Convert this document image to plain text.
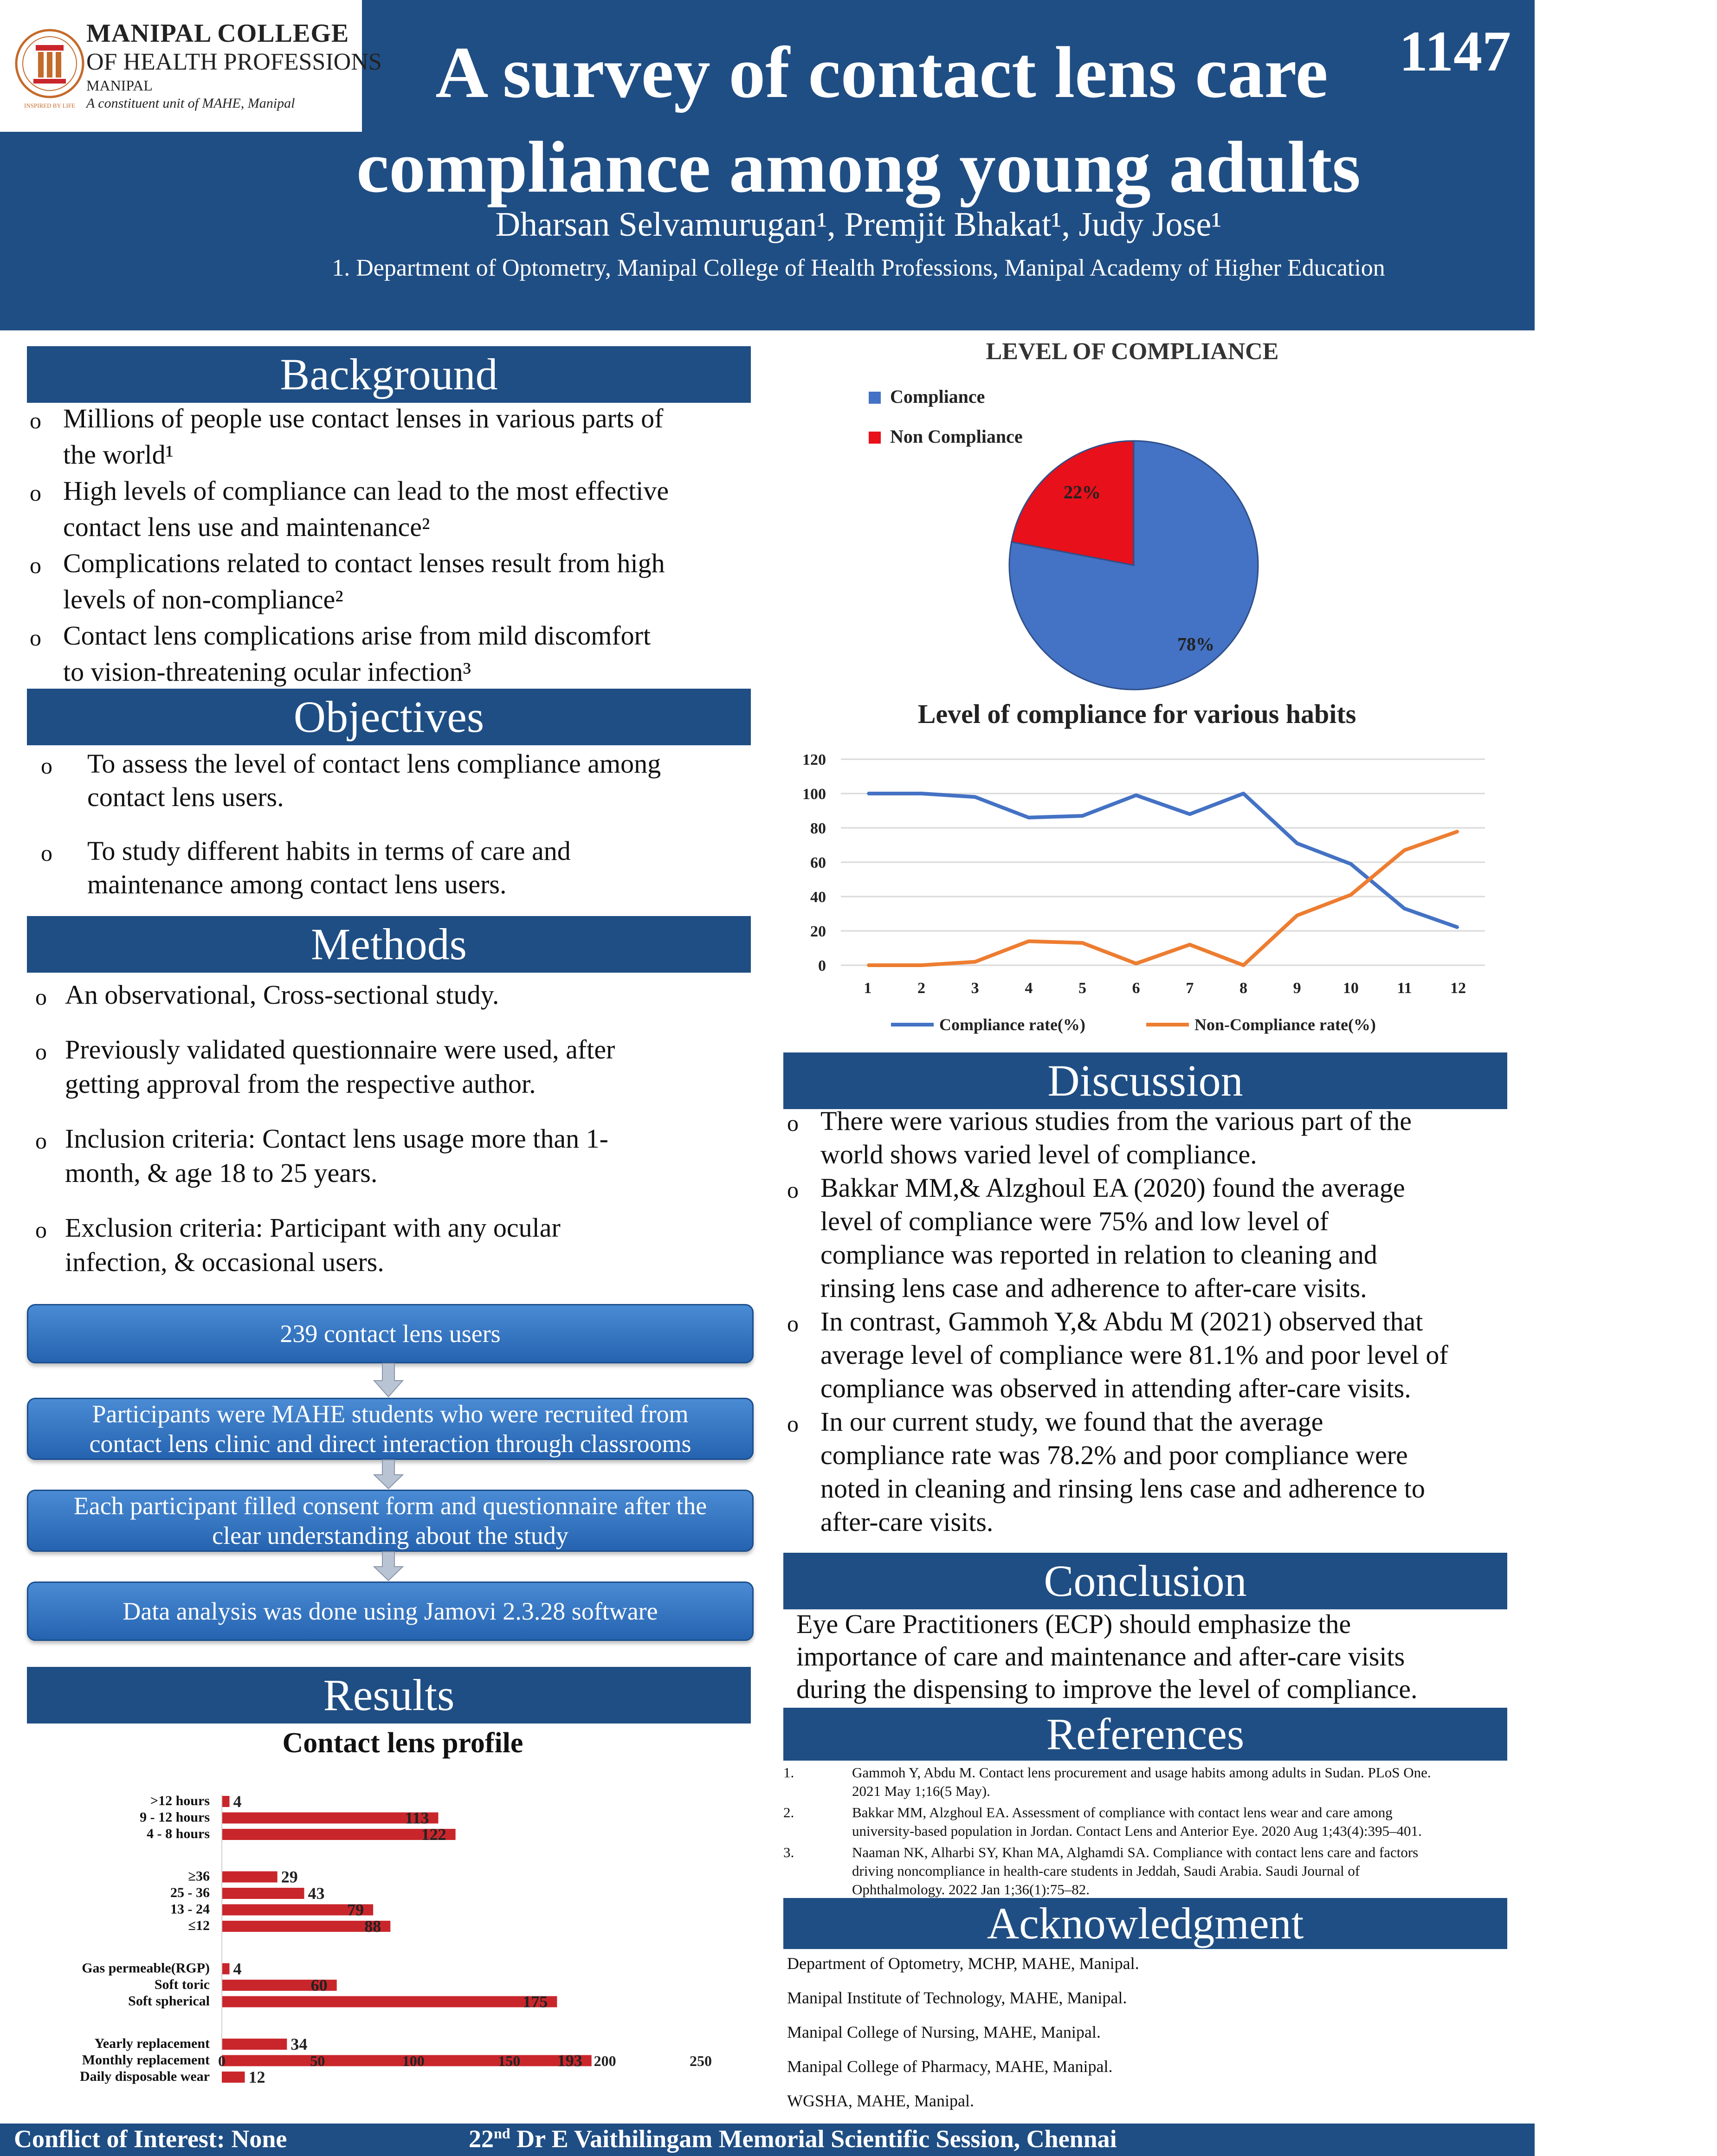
INSPIRED BY LIFE
MANIPAL COLLEGE
OF HEALTH PROFESSIONS
MANIPAL
A constituent unit of MAHE, Manipal
1147
A survey of contact lens care
compliance among young adults
Dharsan Selvamurugan¹, Premjit Bhakat¹, Judy Jose¹
1. Department of Optometry, Manipal College of Health Professions, Manipal Academy of Higher Education
Background
o Millions of people use contact lenses in various parts of
the world¹
o High levels of compliance can lead to the most effective
contact lens use and maintenance²
o Complications related to contact lenses result from high
levels of non-compliance²
o Contact lens complications arise from mild discomfort
to vision-threatening ocular infection³
Objectives
o To assess the level of contact lens compliance among
contact lens users.
o To study different habits in terms of care and
maintenance among contact lens users.
Methods
o An observational, Cross-sectional study.
o Previously validated questionnaire were used, after
getting approval from the respective author.
o Inclusion criteria: Contact lens usage more than 1-
month, & age 18 to 25 years.
o Exclusion criteria: Participant with any ocular
infection, & occasional users.
239 contact lens users
Participants were MAHE students who were recruited from
contact lens clinic and direct interaction through classrooms
Each participant filled consent form and questionnaire after the
clear understanding about the study
Data analysis was done using Jamovi 2.3.28 software
Results
Contact lens profile
>12 hours 4
9 - 12 hours	113
4 - 8 hours	122
≥36	29
25 - 36	43
13 - 24	79
≤12	88
Gas permeable(RGP) 4
Soft toric	60
Soft spherical	175
Yearly replacement	34
Monthly replacement	193
Daily disposable wear 12
0	50	100	150	200	250
LEVEL OF COMPLIANCE
Compliance
Non Compliance
78%
22%
Level of compliance for various habits
0
20
40
60
80
100
120
1	2	3	4	5	6	7	8	9	10 11 12
Compliance rate(%)	Non-Compliance rate(%)
Discussion
o There were various studies from the various part of the
world shows varied level of compliance.
o Bakkar MM,& Alzghoul EA (2020) found the average
level of compliance were 75% and low level of
compliance was reported in relation to cleaning and
rinsing lens case and adherence to after-care visits.
o In contrast, Gammoh Y,& Abdu M (2021) observed that
average level of compliance were 81.1% and poor level of
compliance was observed in attending after-care visits.
o In our current study, we found that the average
compliance rate was 78.2% and poor compliance were
noted in cleaning and rinsing lens case and adherence to
after-care visits.
Conclusion
Eye Care Practitioners (ECP) should emphasize the
importance of care and maintenance and after-care visits
during the dispensing to improve the level of compliance.
References
1.	Gammoh Y, Abdu M. Contact lens procurement and usage habits among adults in Sudan. PLoS One.
2021 May 1;16(5 May).
2.	Bakkar MM, Alzghoul EA. Assessment of compliance with contact lens wear and care among
university-based population in Jordan. Contact Lens and Anterior Eye. 2020 Aug 1;43(4):395–401.
3.	Naaman NK, Alharbi SY, Khan MA, Alghamdi SA. Compliance with contact lens care and factors
driving noncompliance in health-care students in Jeddah, Saudi Arabia. Saudi Journal of
Ophthalmology. 2022 Jan 1;36(1):75–82.
Acknowledgment
Department of Optometry, MCHP, MAHE, Manipal.
Manipal Institute of Technology, MAHE, Manipal.
Manipal College of Nursing, MAHE, Manipal.
Manipal College of Pharmacy, MAHE, Manipal.
WGSHA, MAHE, Manipal.
Conflict of Interest: None	22nd Dr E Vaithilingam Memorial Scientific Session, Chennai
